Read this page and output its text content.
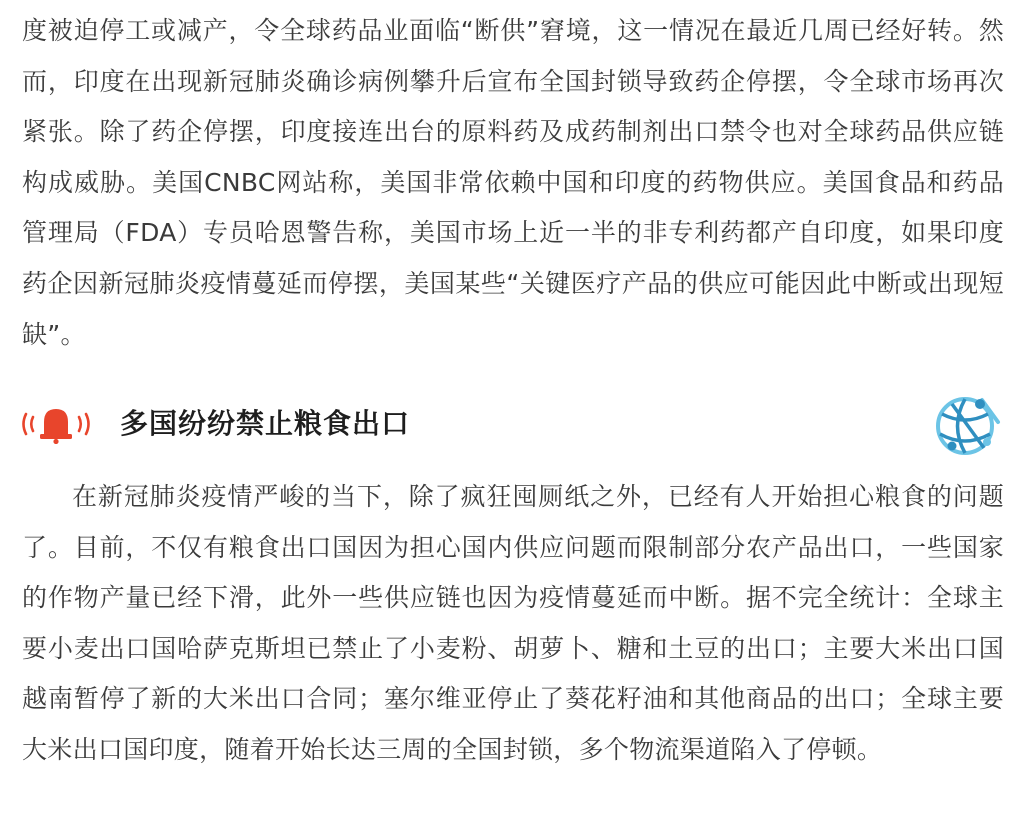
度被迫停工或减产，令全球药品业面临“断供”窘境，这一情况在最近几周已经好转。然而，印度在出现新冠肺炎确诊病例攀升后宣布全国封锁导致药企停摆，令全球市场再次紧张。除了药企停摆，印度接连出台的原料药及成药制剂出口禁令也对全球药品供应链构成威胁。美国CNBC网站称，美国非常依赖中国和印度的药物供应。美国食品和药品管理局（FDA）专员哈恩警告称，美国市场上近一半的非专利药都产自印度，如果印度药企因新冠肺炎疫情蔓延而停摆，美国某些“关键医疗产品的供应可能因此中断或出现短缺”。

多国纷纷禁止粮食出口

在新冠肺炎疫情严峻的当下，除了疯狂囤厕纸之外，已经有人开始担心粮食的问题了。目前，不仅有粮食出口国因为担心国内供应问题而限制部分农产品出口，一些国家的作物产量已经下滑，此外一些供应链也因为疫情蔓延而中断。据不完全统计：全球主要小麦出口国哈萨克斯坦已禁止了小麦粉、胡萝卜、糖和土豆的出口；主要大米出口国越南暂停了新的大米出口合同；塞尔维亚停止了葵花籽油和其他商品的出口；全球主要大米出口国印度，随着开始长达三周的全国封锁，多个物流渠道陷入了停顿。
